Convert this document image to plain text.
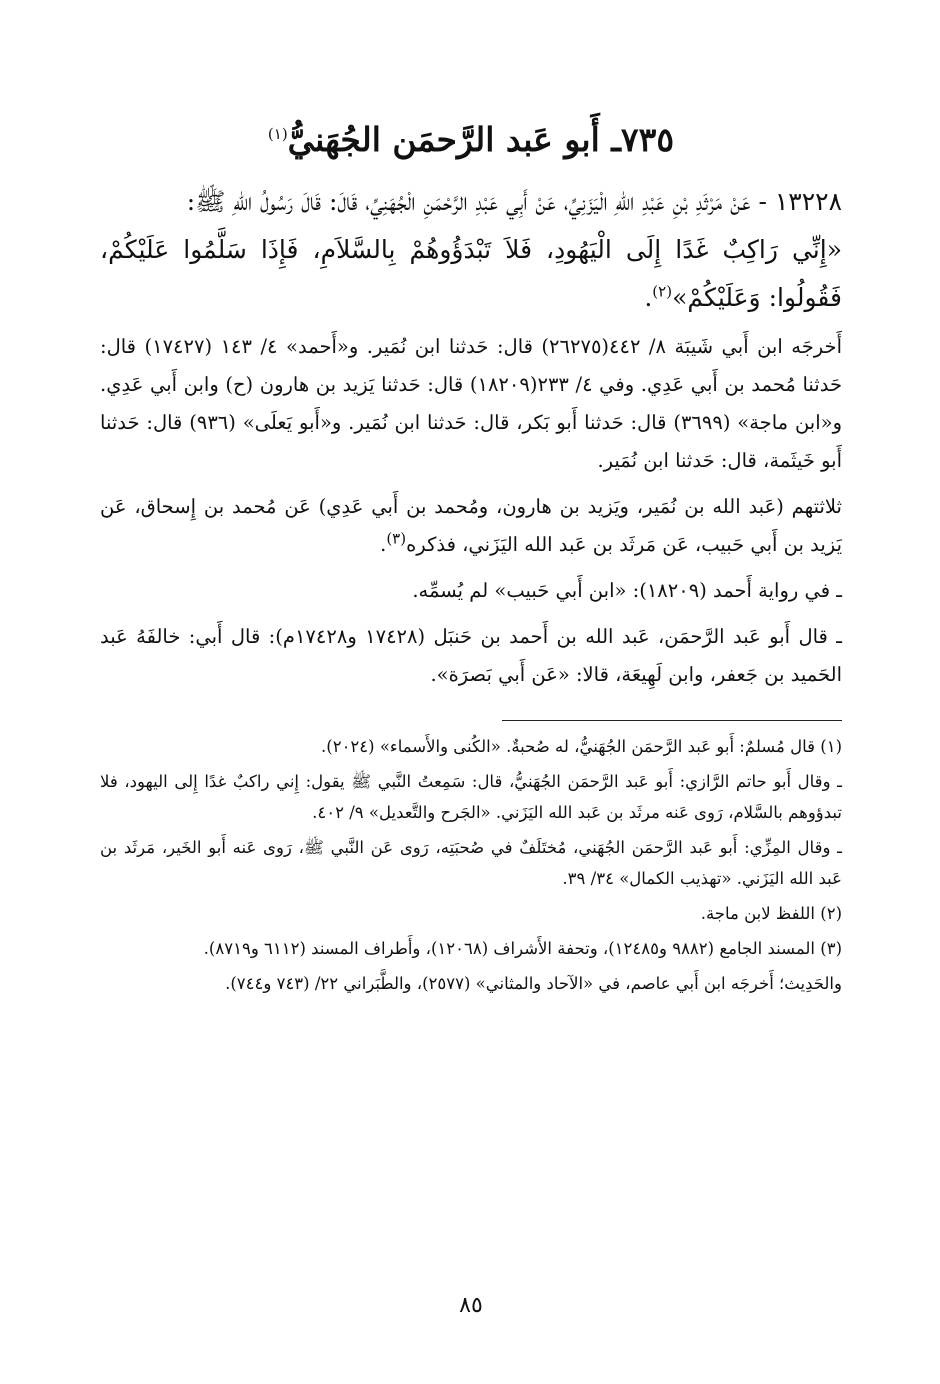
٧٣٥ـ أَبو عَبد الرَّحمَن الجُهَنيُّ$^{(١)}$

١٣٢٢٨ - عَنْ مَرْثَدِ بْنِ عَبْدِ اللهِ الْيَزَنِيِّ، عَنْ أَبِي عَبْدِ الرَّحْمَنِ الْجُهَنِيِّ، قَالَ: قَالَ رَسُولُ اللهِ ﷺ:

«إِنِّي رَاكِبٌ غَدًا إِلَى الْيَهُودِ، فَلاَ تَبْدَؤُوهُمْ بِالسَّلاَمِ، فَإِذَا سَلَّمُوا عَلَيْكُمْ، فَقُولُوا: وَعَلَيْكُمْ»$^{(٢)}$.

أَخرجَه ابن أَبي شَيبَة ٨/ ٤٤٢(٢٦٢٧٥) قال: حَدثنا ابن نُمَير. و«أَحمد» ٤/ ١٤٣ (١٧٤٢٧) قال: حَدثنا مُحمد بن أَبي عَدِي. وفي ٤/ ٢٣٣(١٨٢٠٩) قال: حَدثنا يَزيد بن هارون (ح) وابن أَبي عَدِي. و«ابن ماجة» (٣٦٩٩) قال: حَدثنا أَبو بَكر، قال: حَدثنا ابن نُمَير. و«أَبو يَعلَى» (٩٣٦) قال: حَدثنا أَبو خَيثَمة، قال: حَدثنا ابن نُمَير.

ثلاثتهم (عَبد الله بن نُمَير، ويَزيد بن هارون، ومُحمد بن أَبي عَدِي) عَن مُحمد بن إِسحاق، عَن يَزيد بن أَبي حَبيب، عَن مَرثَد بن عَبد الله اليَزَني، فذكره$^{(٣)}$.

ـ في رواية أَحمد (١٨٢٠٩): «ابن أَبي حَبيب» لم يُسمِّه.

ـ قال أَبو عَبد الرَّحمَن، عَبد الله بن أَحمد بن حَنبَل (١٧٤٢٨ و١٧٤٢٨م): قال أَبي: خالفَهُ عَبد الحَميد بن جَعفر، وابن لَهِيعَة، قالا: «عَن أَبي بَصرَة».

(١) قال مُسلمٌ: أَبو عَبد الرَّحمَن الجُهَنيُّ، له صُحبةٌ. «الكُنى والأَسماء» (٢٠٢٤).

ـ وقال أَبو حاتم الرَّازي: أَبو عَبد الرَّحمَن الجُهَنيُّ، قال: سَمِعتُ النَّبي ﷺ يقول: إِني راكبٌ غدًا إِلى اليهود، فلا تبدؤوهم بالسَّلام، رَوى عَنه مرثَد بن عَبد الله اليَزَني. «الجَرح والتَّعديل» ٩/ ٤٠٢.

ـ وقال المِزِّي: أَبو عَبد الرَّحمَن الجُهَني، مُختَلَفٌ في صُحبَتِه، رَوى عَن النَّبي ﷺ، رَوى عَنه أَبو الخَير، مَرثَد بن عَبد الله اليَزَني. «تهذيب الكمال» ٣٤/ ٣٩.

(٢) اللفظ لابن ماجة.

(٣) المسند الجامع (٩٨٨٢ و١٢٤٨٥)، وتحفة الأَشراف (١٢٠٦٨)، وأَطراف المسند (٦١١٢ و٨٧١٩).

والحَدِيث؛ أَخرجَه ابن أَبي عاصم، في «الآحاد والمثاني» (٢٥٧٧)، والطَّبَراني ٢٢/ (٧٤٣ و٧٤٤).

٨٥
